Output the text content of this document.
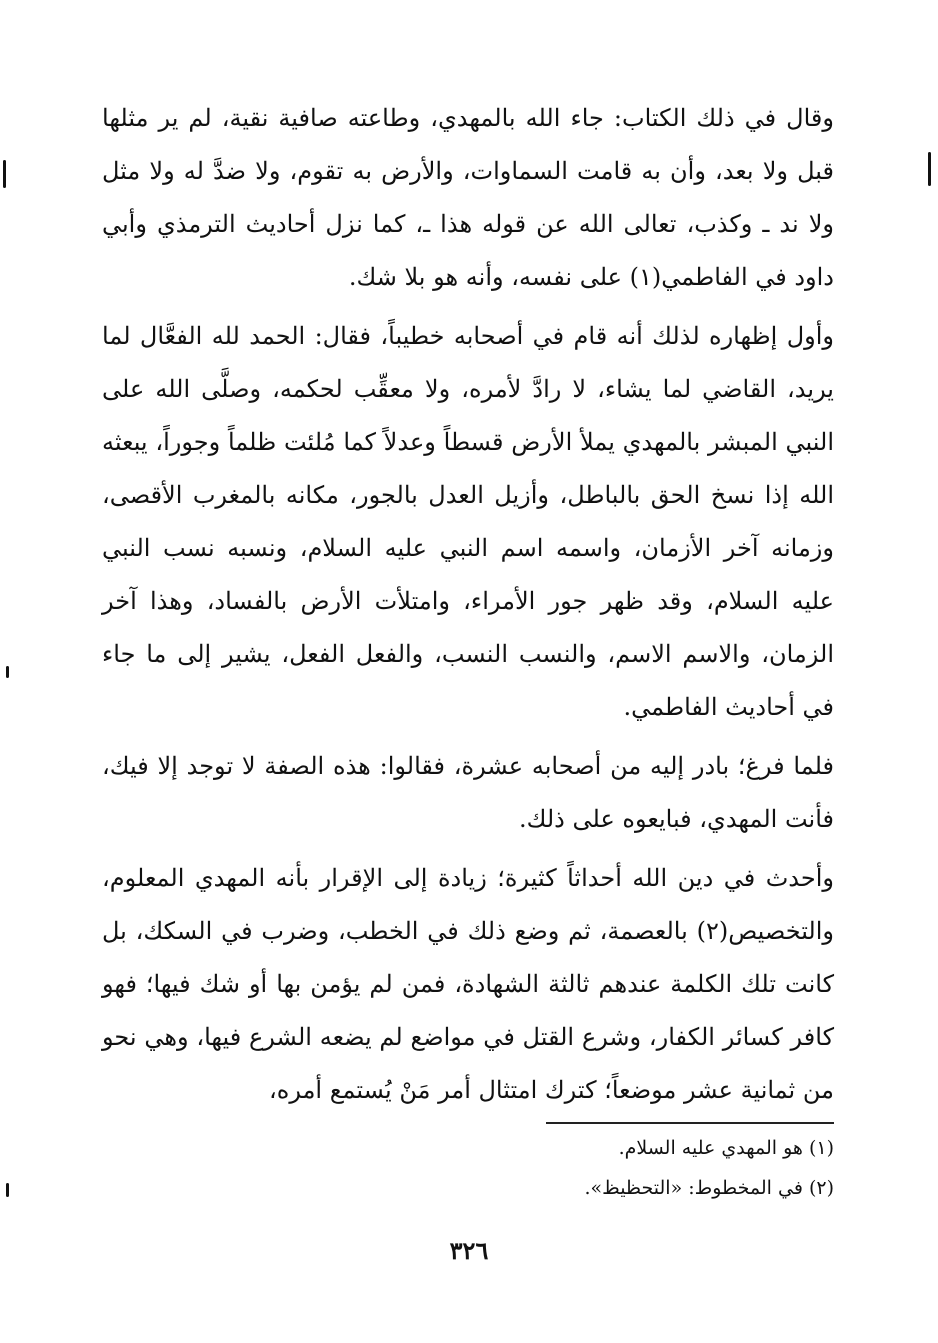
وقال في ذلك الكتاب: جاء الله بالمهدي، وطاعته صافية نقية، لم ير مثلها قبل ولا بعد، وأن به قامت السماوات، والأرض به تقوم، ولا ضدَّ له ولا مثل ولا ند ـ وكذب، تعالى الله عن قوله هذا ـ، كما نزل أحاديث الترمذي وأبي داود في الفاطمي(١) على نفسه، وأنه هو بلا شك.

وأول إظهاره لذلك أنه قام في أصحابه خطيباً، فقال: الحمد لله الفعَّال لما يريد، القاضي لما يشاء، لا رادَّ لأمره، ولا معقِّب لحكمه، وصلَّى الله على النبي المبشر بالمهدي يملأ الأرض قسطاً وعدلاً كما مُلئت ظلماً وجوراً، يبعثه الله إذا نسخ الحق بالباطل، وأزيل العدل بالجور، مكانه بالمغرب الأقصى، وزمانه آخر الأزمان، واسمه اسم النبي عليه السلام، ونسبه نسب النبي عليه السلام، وقد ظهر جور الأمراء، وامتلأت الأرض بالفساد، وهذا آخر الزمان، والاسم الاسم، والنسب النسب، والفعل الفعل، يشير إلى ما جاء في أحاديث الفاطمي.

فلما فرغ؛ بادر إليه من أصحابه عشرة، فقالوا: هذه الصفة لا توجد إلا فيك، فأنت المهدي، فبايعوه على ذلك.

وأحدث في دين الله أحداثاً كثيرة؛ زيادة إلى الإقرار بأنه المهدي المعلوم، والتخصيص(٢) بالعصمة، ثم وضع ذلك في الخطب، وضرب في السكك، بل كانت تلك الكلمة عندهم ثالثة الشهادة، فمن لم يؤمن بها أو شك فيها؛ فهو كافر كسائر الكفار، وشرع القتل في مواضع لم يضعه الشرع فيها، وهي نحو من ثمانية عشر موضعاً؛ كترك امتثال أمر مَنْ يُستمع أمره،

(١) هو المهدي عليه السلام.

(٢) في المخطوط: «التحظيظ».

٣٢٦
